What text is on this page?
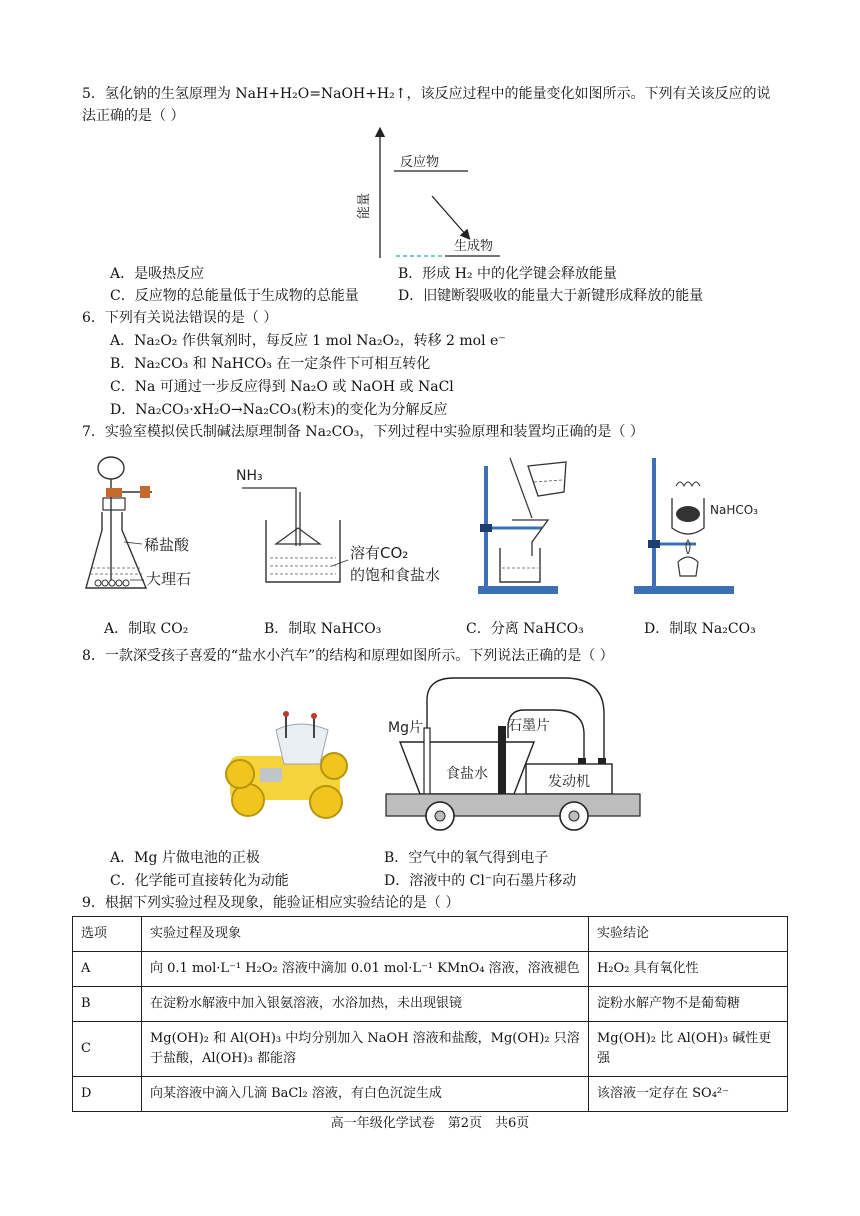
5．氢化钠的生氢原理为 NaH+H₂O=NaOH+H₂↑，该反应过程中的能量变化如图所示。下列有关该反应的说
法正确的是（ ）
能量
反应物
生成物
A．是吸热反应	B．形成 H₂ 中的化学键会释放能量
C．反应物的总能量低于生成物的总能量	D．旧键断裂吸收的能量大于新键形成释放的能量
6．下列有关说法错误的是（ ）
A．Na₂O₂ 作供氧剂时，每反应 1 mol Na₂O₂，转移 2 mol e⁻
B．Na₂CO₃ 和 NaHCO₃ 在一定条件下可相互转化
C．Na 可通过一步反应得到 Na₂O 或 NaOH 或 NaCl
D．Na₂CO₃·xH₂O→Na₂CO₃(粉末)的变化为分解反应
7．实验室模拟侯氏制碱法原理制备 Na₂CO₃，下列过程中实验原理和装置均正确的是（ ）
稀盐酸
大理石
NH₃
溶有CO₂
的饱和食盐水
NaHCO₃
A．制取 CO₂	B．制取 NaHCO₃	C．分离 NaHCO₃	D．制取 Na₂CO₃
8．一款深受孩子喜爱的“盐水小汽车”的结构和原理如图所示。下列说法正确的是（ ）
Mg片	石墨片
食盐水	发动机
A．Mg 片做电池的正极	B．空气中的氧气得到电子
C．化学能可直接转化为动能	D．溶液中的 Cl⁻向石墨片移动
9．根据下列实验过程及现象，能验证相应实验结论的是（ ）
选项	实验过程及现象	实验结论
A	向 0.1 mol·L⁻¹ H₂O₂ 溶液中滴加 0.01 mol·L⁻¹ KMnO₄ 溶液，溶液褪色	H₂O₂ 具有氧化性
B	在淀粉水解液中加入银氨溶液，水浴加热，未出现银镜	淀粉水解产物不是葡萄糖
C	Mg(OH)₂ 和 Al(OH)₃ 中均分别加入 NaOH 溶液和盐酸，Mg(OH)₂ 只溶于盐酸，Al(OH)₃ 都能溶	Mg(OH)₂ 比 Al(OH)₃ 碱性更强
D	向某溶液中滴入几滴 BaCl₂ 溶液，有白色沉淀生成	该溶液一定存在 SO₄²⁻
高一年级化学试卷　第2页　共6页
